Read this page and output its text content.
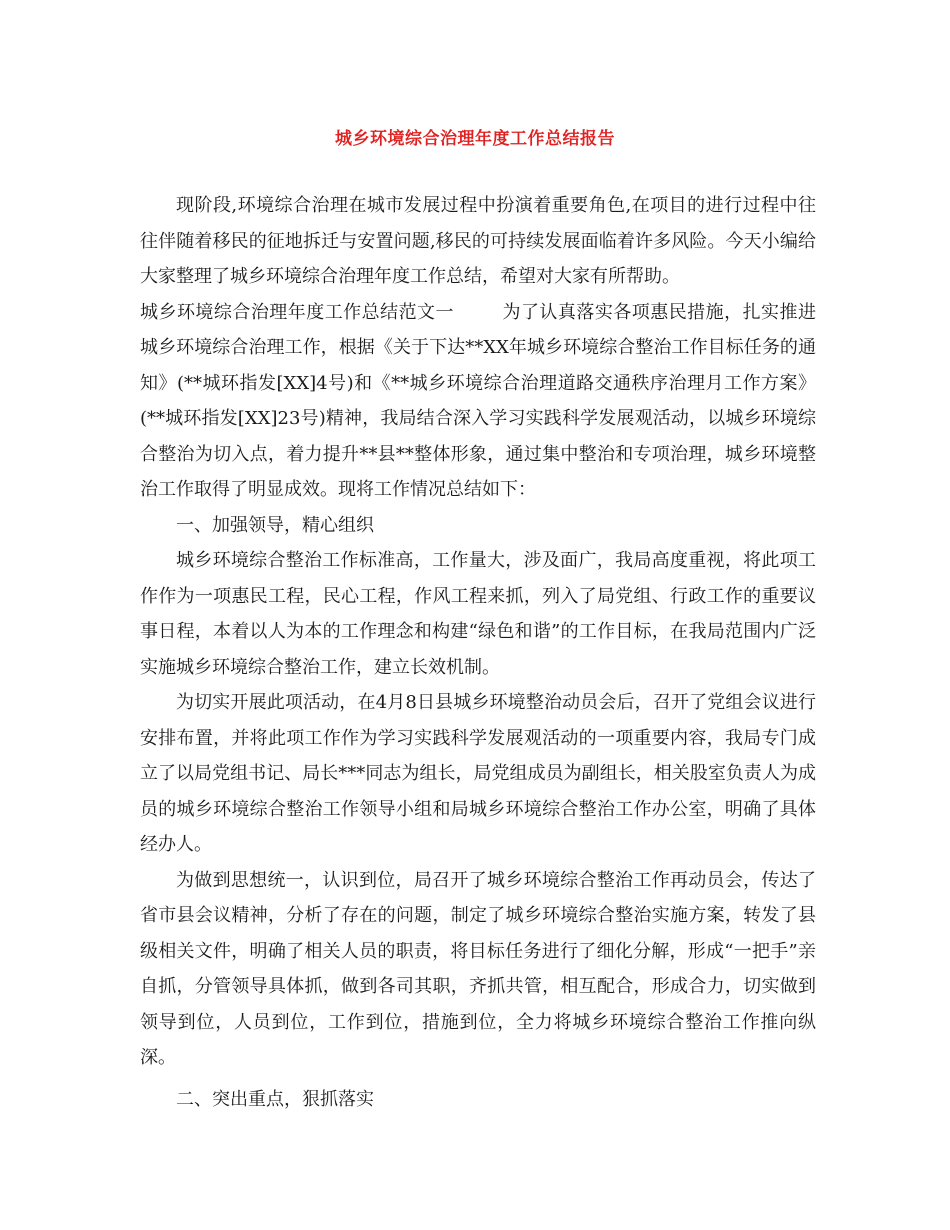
城乡环境综合治理年度工作总结报告

现阶段,环境综合治理在城市发展过程中扮演着重要角色,在项目的进行过程中往往伴随着移民的征地拆迁与安置问题,移民的可持续发展面临着许多风险。今天小编给大家整理了城乡环境综合治理年度工作总结，希望对大家有所帮助。

城乡环境综合治理年度工作总结范文一	为了认真落实各项惠民措施，扎实推进城乡环境综合治理工作，根据《关于下达**XX年城乡环境综合整治工作目标任务的通知》(**城环指发[XX]4号)和《**城乡环境综合治理道路交通秩序治理月工作方案》(**城环指发[XX]23号)精神，我局结合深入学习实践科学发展观活动，以城乡环境综合整治为切入点，着力提升**县**整体形象，通过集中整治和专项治理，城乡环境整治工作取得了明显成效。现将工作情况总结如下：

一、加强领导，精心组织

城乡环境综合整治工作标准高，工作量大，涉及面广，我局高度重视，将此项工作作为一项惠民工程，民心工程，作风工程来抓，列入了局党组、行政工作的重要议事日程，本着以人为本的工作理念和构建“绿色和谐”的工作目标，在我局范围内广泛实施城乡环境综合整治工作，建立长效机制。

为切实开展此项活动，在4月8日县城乡环境整治动员会后，召开了党组会议进行安排布置，并将此项工作作为学习实践科学发展观活动的一项重要内容，我局专门成立了以局党组书记、局长***同志为组长，局党组成员为副组长，相关股室负责人为成员的城乡环境综合整治工作领导小组和局城乡环境综合整治工作办公室，明确了具体经办人。

为做到思想统一，认识到位，局召开了城乡环境综合整治工作再动员会，传达了省市县会议精神，分析了存在的问题，制定了城乡环境综合整治实施方案，转发了县级相关文件，明确了相关人员的职责，将目标任务进行了细化分解，形成“一把手”亲自抓，分管领导具体抓，做到各司其职，齐抓共管，相互配合，形成合力，切实做到领导到位，人员到位，工作到位，措施到位，全力将城乡环境综合整治工作推向纵深。

二、突出重点，狠抓落实
